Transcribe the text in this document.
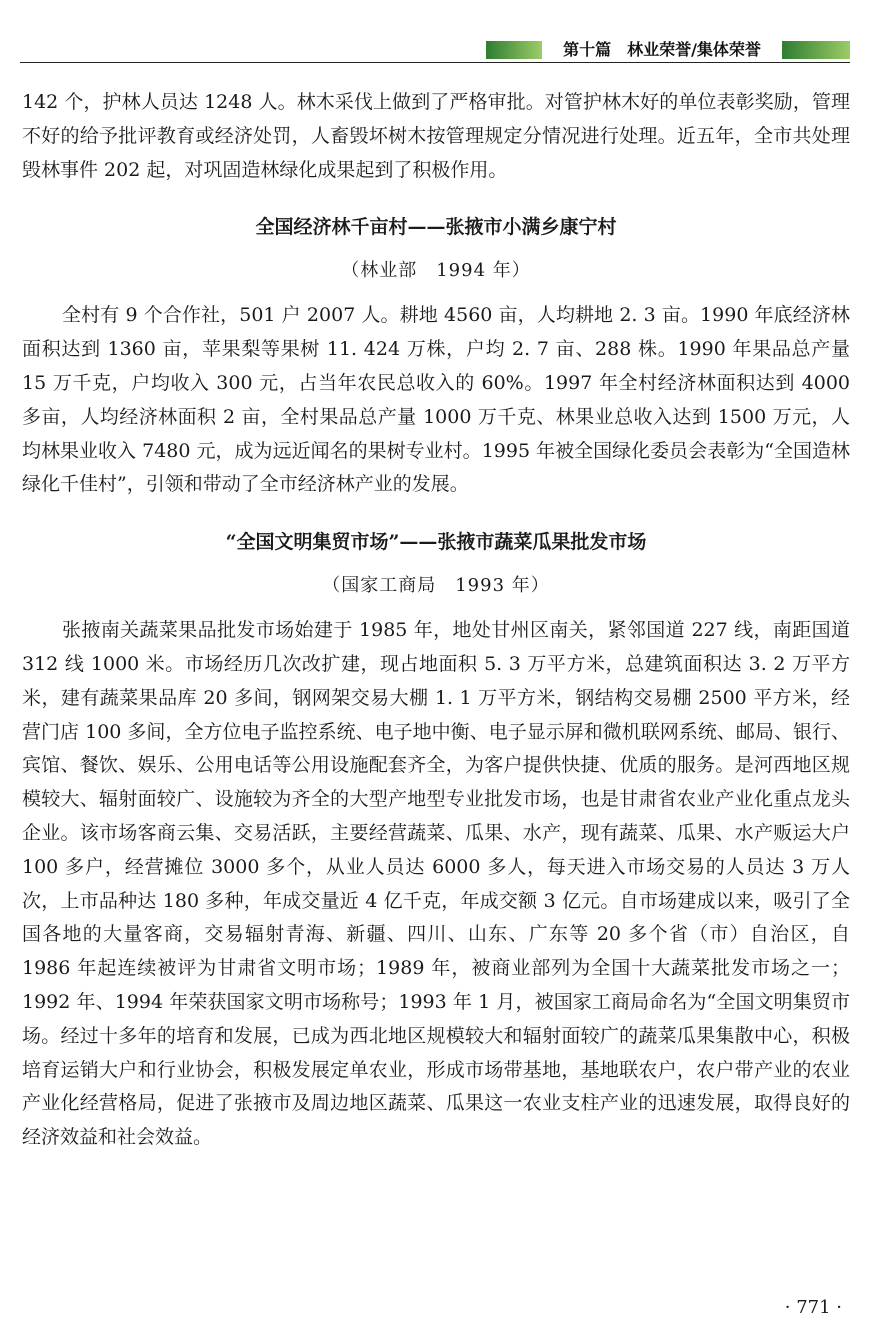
第十篇　林业荣誉/集体荣誉

142 个，护林人员达 1248 人。林木采伐上做到了严格审批。对管护林木好的单位表彰奖励，管理不好的给予批评教育或经济处罚，人畜毁坏树木按管理规定分情况进行处理。近五年，全市共处理毁林事件 202 起，对巩固造林绿化成果起到了积极作用。

全国经济林千亩村——张掖市小满乡康宁村

（林业部　1994 年）

全村有 9 个合作社，501 户 2007 人。耕地 4560 亩，人均耕地 2. 3 亩。1990 年底经济林面积达到 1360 亩，苹果梨等果树 11. 424 万株，户均 2. 7 亩、288 株。1990 年果品总产量 15 万千克，户均收入 300 元，占当年农民总收入的 60%。1997 年全村经济林面积达到 4000 多亩，人均经济林面积 2 亩，全村果品总产量 1000 万千克、林果业总收入达到 1500 万元，人均林果业收入 7480 元，成为远近闻名的果树专业村。1995 年被全国绿化委员会表彰为“全国造林绿化千佳村”，引领和带动了全市经济林产业的发展。

“全国文明集贸市场”——张掖市蔬菜瓜果批发市场

（国家工商局　1993 年）

张掖南关蔬菜果品批发市场始建于 1985 年，地处甘州区南关，紧邻国道 227 线，南距国道 312 线 1000 米。市场经历几次改扩建，现占地面积 5. 3 万平方米，总建筑面积达 3. 2 万平方米，建有蔬菜果品库 20 多间，钢网架交易大棚 1. 1 万平方米，钢结构交易棚 2500 平方米，经营门店 100 多间，全方位电子监控系统、电子地中衡、电子显示屏和微机联网系统、邮局、银行、宾馆、餐饮、娱乐、公用电话等公用设施配套齐全，为客户提供快捷、优质的服务。是河西地区规模较大、辐射面较广、设施较为齐全的大型产地型专业批发市场，也是甘肃省农业产业化重点龙头企业。该市场客商云集、交易活跃，主要经营蔬菜、瓜果、水产，现有蔬菜、瓜果、水产贩运大户 100 多户，经营摊位 3000 多个，从业人员达 6000 多人，每天进入市场交易的人员达 3 万人次，上市品种达 180 多种，年成交量近 4 亿千克，年成交额 3 亿元。自市场建成以来，吸引了全国各地的大量客商，交易辐射青海、新疆、四川、山东、广东等 20 多个省（市）自治区，自 1986 年起连续被评为甘肃省文明市场；1989 年，被商业部列为全国十大蔬菜批发市场之一；1992 年、1994 年荣获国家文明市场称号；1993 年 1 月，被国家工商局命名为“全国文明集贸市场。经过十多年的培育和发展，已成为西北地区规模较大和辐射面较广的蔬菜瓜果集散中心，积极培育运销大户和行业协会，积极发展定单农业，形成市场带基地，基地联农户，农户带产业的农业产业化经营格局，促进了张掖市及周边地区蔬菜、瓜果这一农业支柱产业的迅速发展，取得良好的经济效益和社会效益。

· 771 ·
